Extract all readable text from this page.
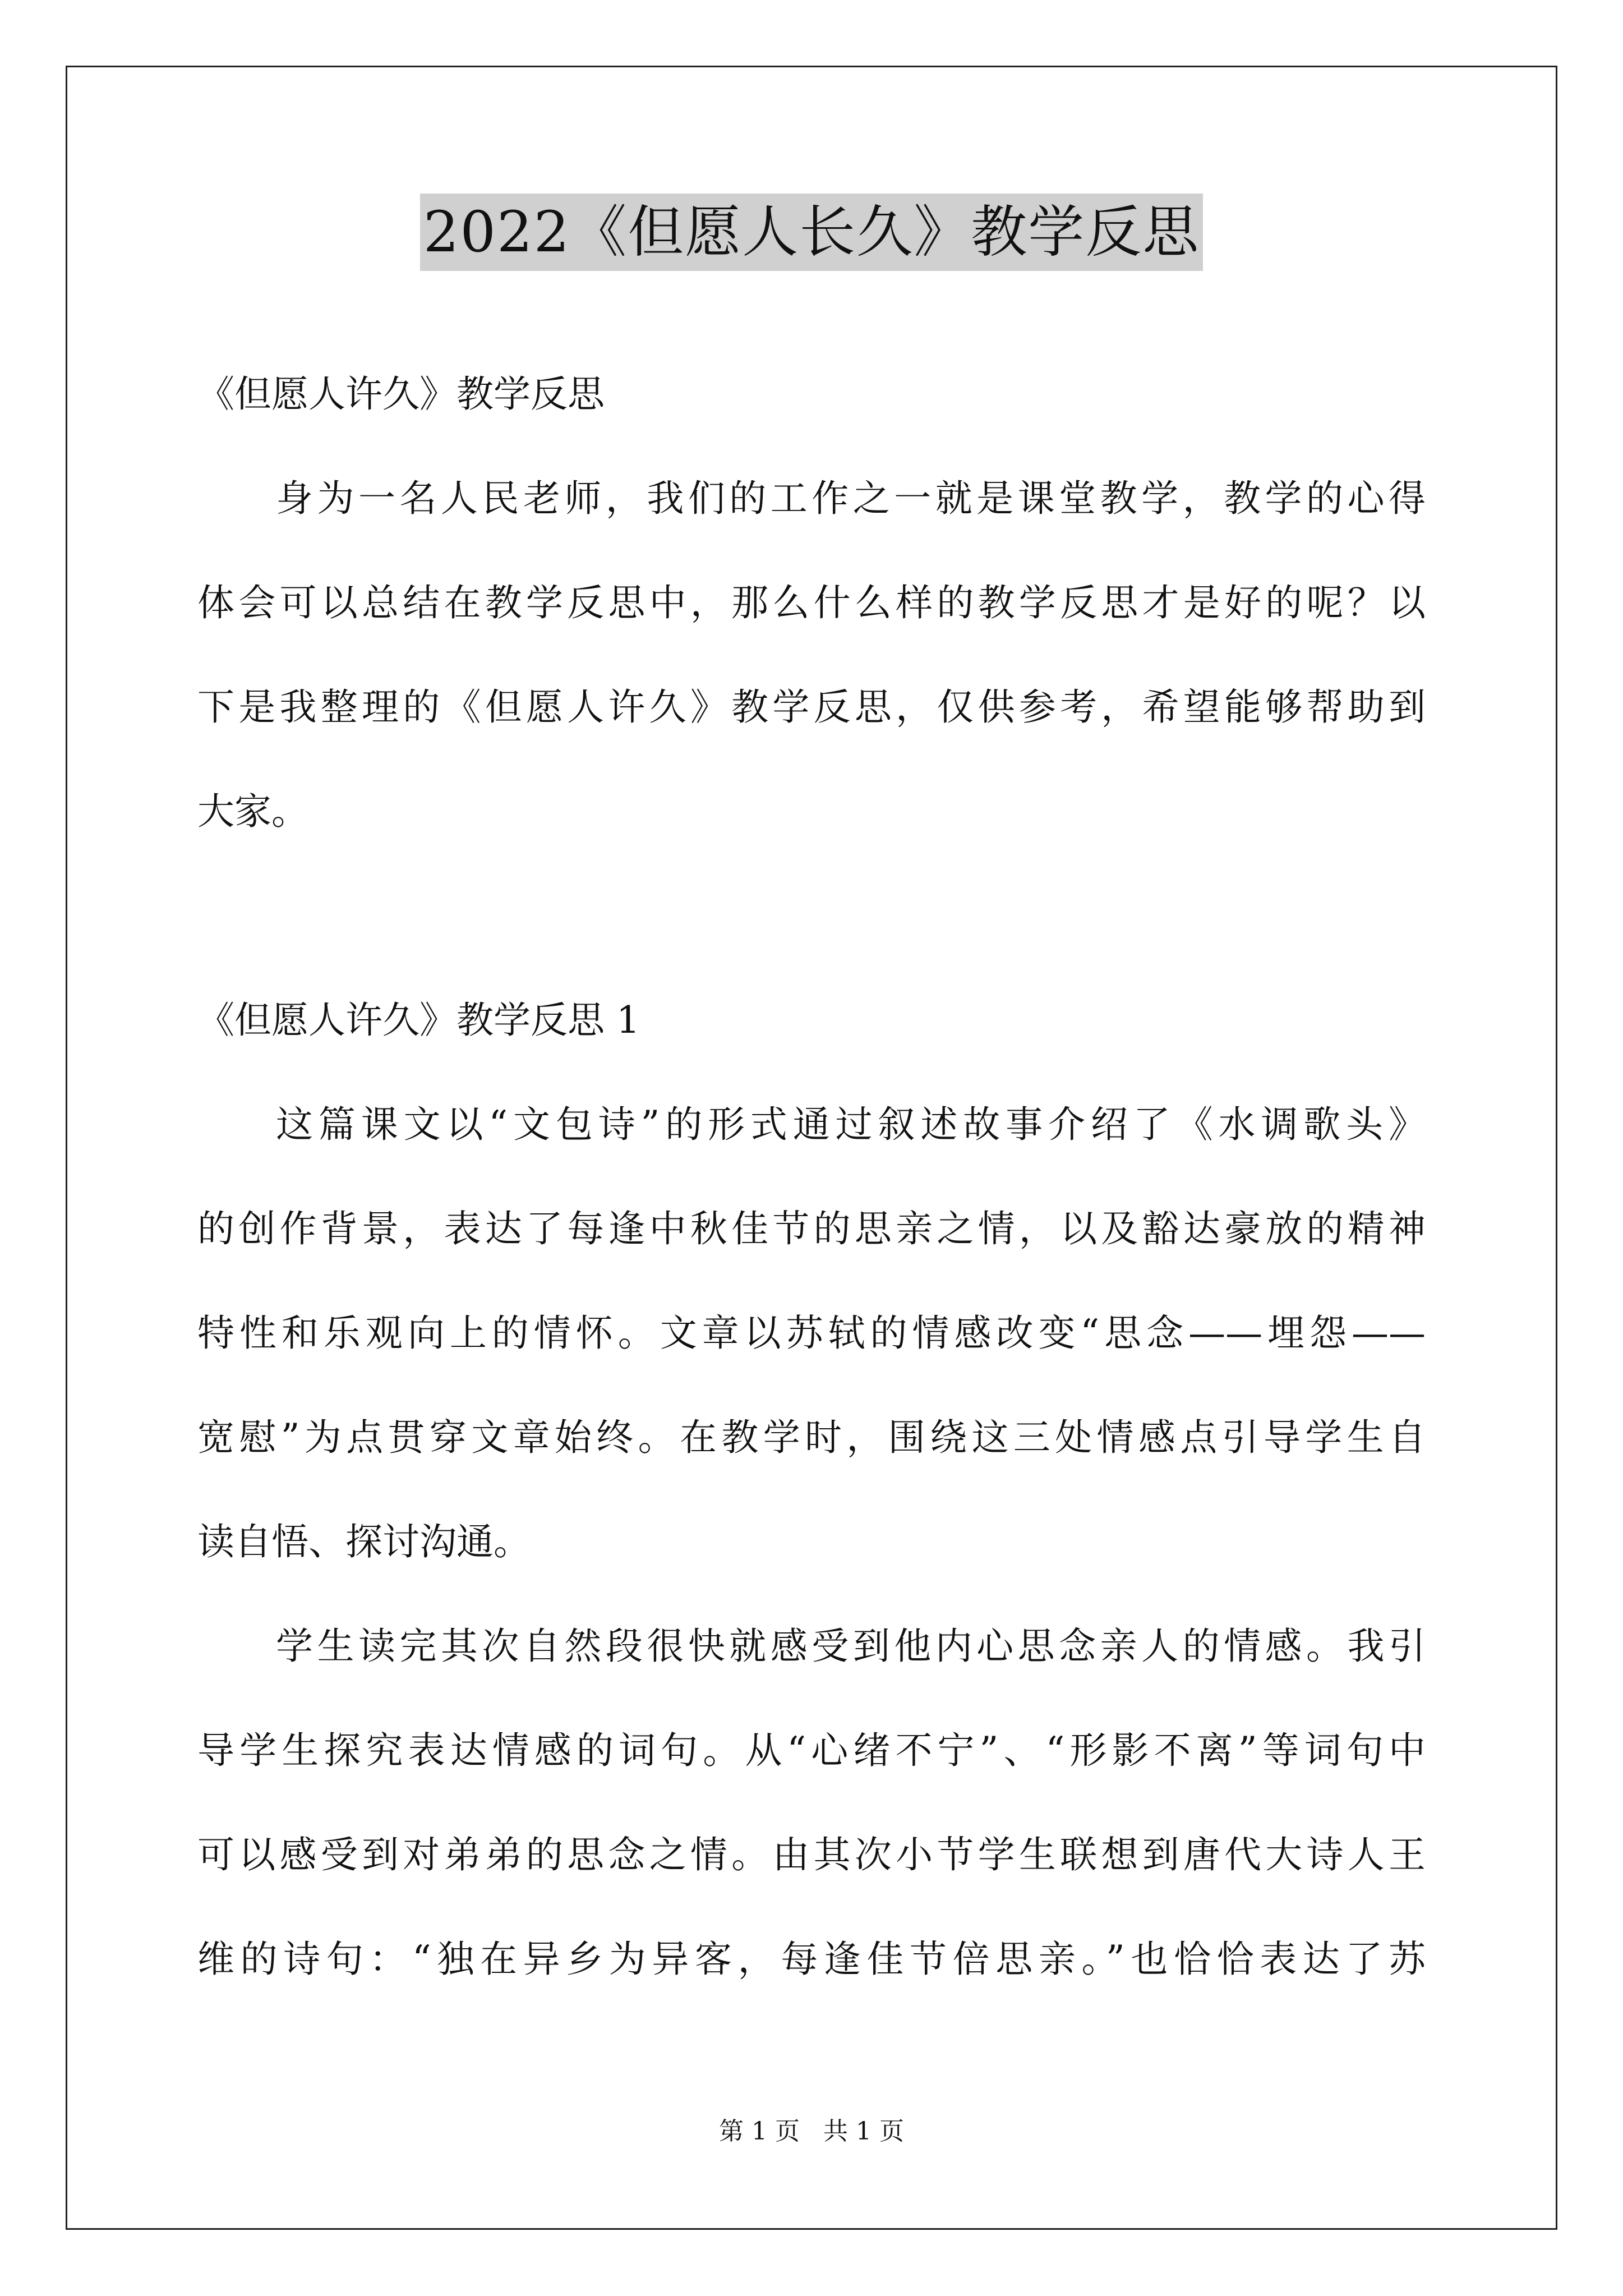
2022《但愿人长久》教学反思
《但愿人许久》教学反思
身为一名人民老师，我们的工作之一就是课堂教学，教学的心得
体会可以总结在教学反思中，那么什么样的教学反思才是好的呢？以
下是我整理的《但愿人许久》教学反思，仅供参考，希望能够帮助到
大家。
《但愿人许久》教学反思 1
这篇课文以“文包诗”的形式通过叙述故事介绍了《水调歌头》
的创作背景，表达了每逢中秋佳节的思亲之情，以及豁达豪放的精神
特性和乐观向上的情怀。文章以苏轼的情感改变“思念——埋怨——
宽慰”为点贯穿文章始终。在教学时，围绕这三处情感点引导学生自
读自悟、探讨沟通。
学生读完其次自然段很快就感受到他内心思念亲人的情感。我引
导学生探究表达情感的词句。从“心绪不宁”、“形影不离”等词句中
可以感受到对弟弟的思念之情。由其次小节学生联想到唐代大诗人王
维的诗句：“独在异乡为异客，每逢佳节倍思亲。”也恰恰表达了苏
第 1 页 共 1 页
